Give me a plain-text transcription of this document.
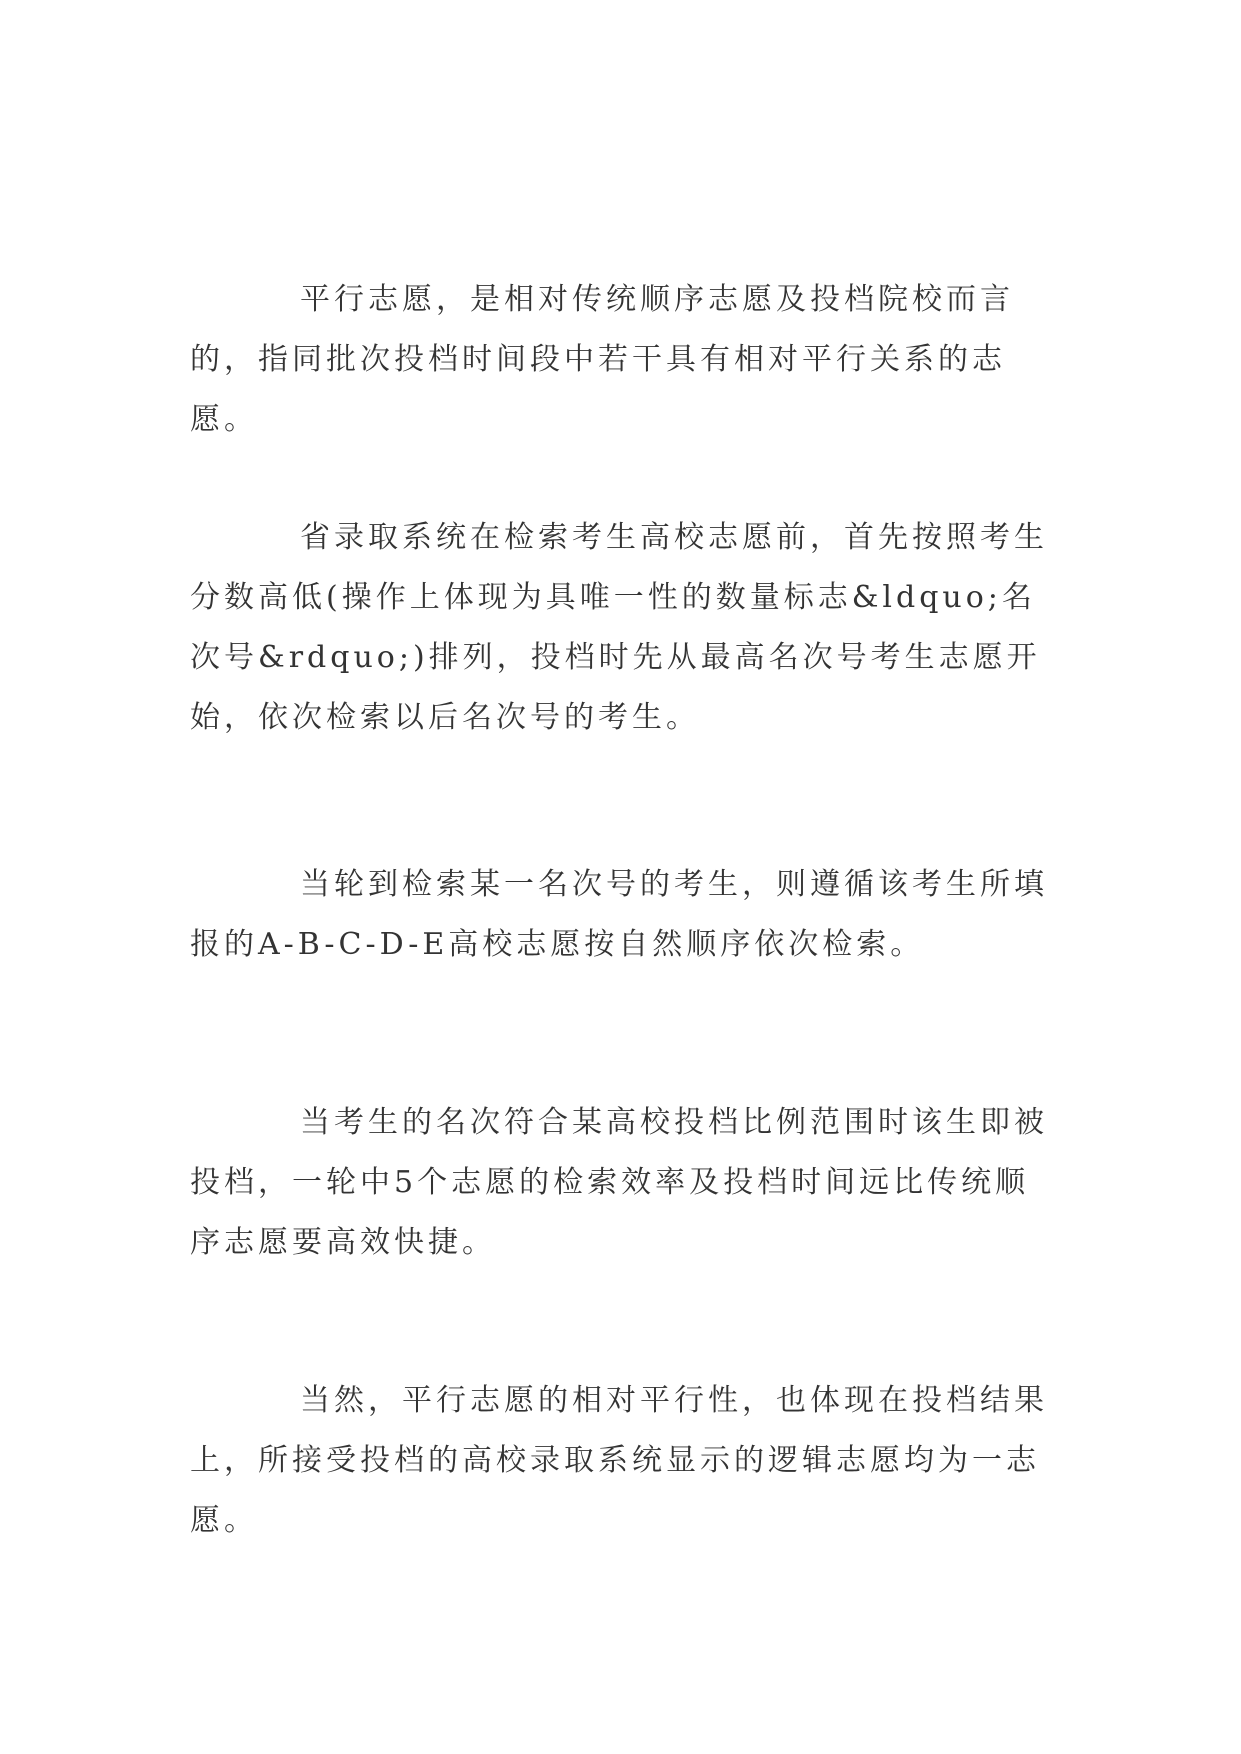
平行志愿，是相对传统顺序志愿及投档院校而言的，指同批次投档时间段中若干具有相对平行关系的志愿。

省录取系统在检索考生高校志愿前，首先按照考生分数高低(操作上体现为具唯一性的数量标志&ldquo;名次号&rdquo;)排列，投档时先从最高名次号考生志愿开始，依次检索以后名次号的考生。

当轮到检索某一名次号的考生，则遵循该考生所填报的A-B-C-D-E高校志愿按自然顺序依次检索。

当考生的名次符合某高校投档比例范围时该生即被投档，一轮中5个志愿的检索效率及投档时间远比传统顺序志愿要高效快捷。

当然，平行志愿的相对平行性，也体现在投档结果上，所接受投档的高校录取系统显示的逻辑志愿均为一志愿。
